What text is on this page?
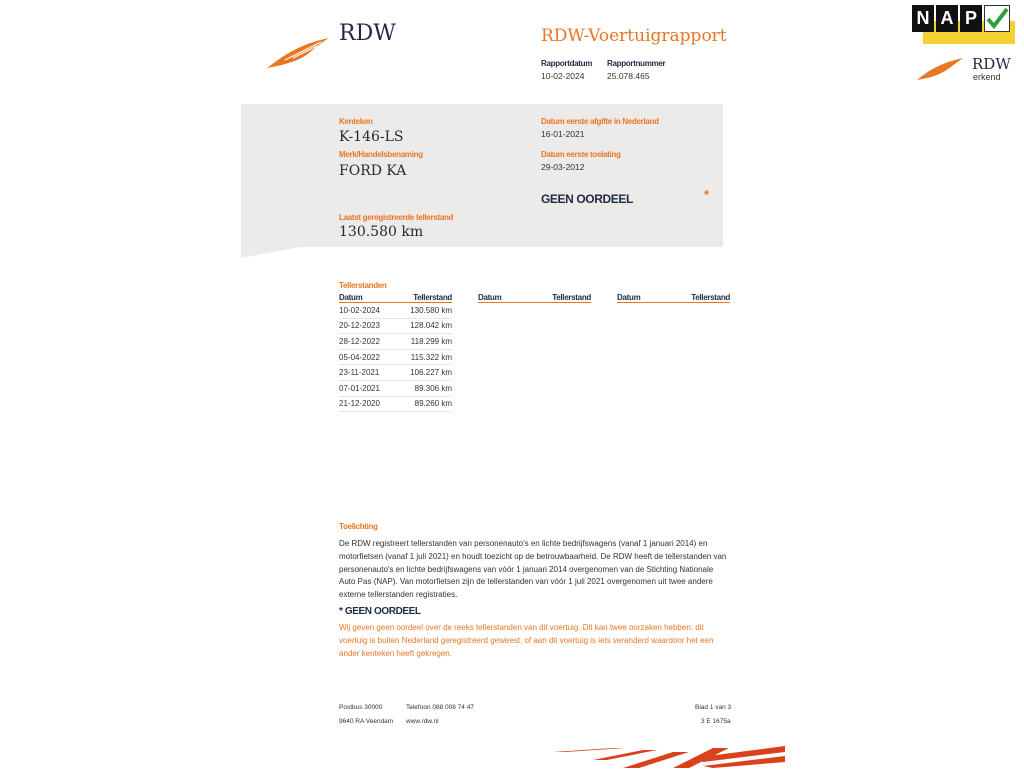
RDW	RDW-Voertuigrapport
Rapportdatum
10-02-2024
Rapportnummer
25.078.465
N A P
RDW
erkend
Kenteken
K-146-LS
Merk/Handelsbenaming
FORD KA
Datum eerste afgifte in Nederland
16-01-2021
Datum eerste toelating
29-03-2012
GEEN OORDEEL	*
Laatst geregistreerde tellerstand
130.580 km
Tellerstanden
Datum	Tellerstand
10-02-2024	130.580 km
20-12-2023	128.042 km
28-12-2022	118.299 km
05-04-2022	115.322 km
23-11-2021	106.227 km
07-01-2021	89.306 km
21-12-2020	89.260 km
Datum	Tellerstand	Datum	Tellerstand
Toelichting
De RDW registreert tellerstanden van personenauto's en lichte bedrijfswagens (vanaf 1 januari 2014) en motorfietsen (vanaf 1 juli 2021) en houdt toezicht op de betrouwbaarheid. De RDW heeft de tellerstanden van personenauto's en lichte bedrijfswagens van vóór 1 januari 2014 overgenomen van de Stichting Nationale Auto Pas (NAP). Van motorfietsen zijn de tellerstanden van vóór 1 juli 2021 overgenomen uit twee andere externe tellerstanden registraties.
* GEEN OORDEEL
Wij geven geen oordeel over de reeks tellerstanden van dit voertuig. Dit kan twee oorzaken hebben: dit voertuig is buiten Nederland geregistreerd geweest, of aan dit voertuig is iets veranderd waardoor het een ander kenteken heeft gekregen.
Postbus 30000
9640 RA Veendam
Telefoon 088 008 74 47
www.rdw.nl
Blad 1 van 3
3 E 1675a
